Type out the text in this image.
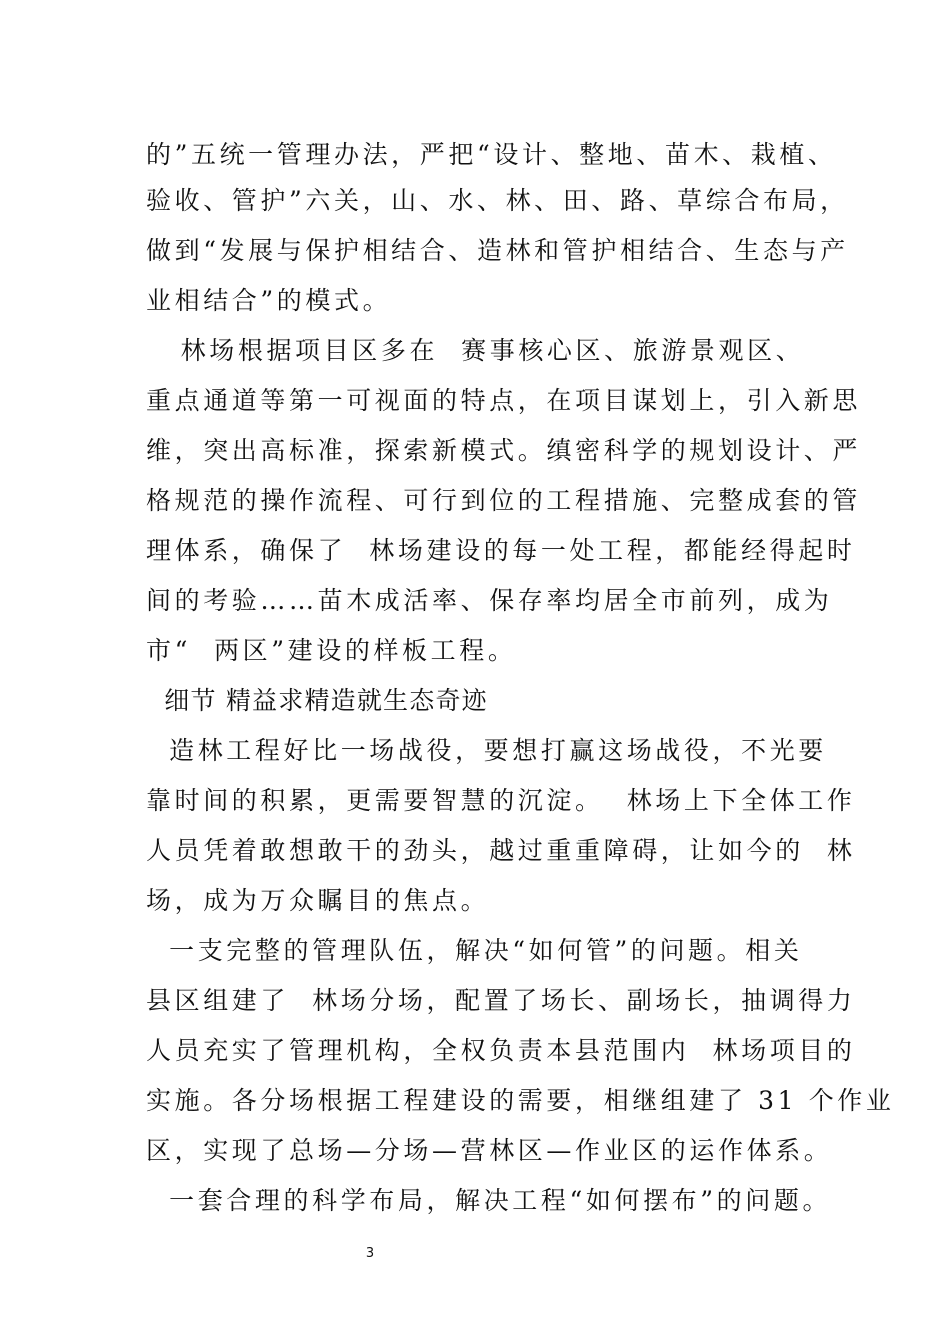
的”五统一管理办法，严把“设计、整地、苗木、栽植、
验收、管护”六关，山、水、林、田、路、草综合布局，
做到“发展与保护相结合、造林和管护相结合、生态与产
业相结合”的模式。
林场根据项目区多在  赛事核心区、旅游景观区、
重点通道等第一可视面的特点，在项目谋划上，引入新思
维，突出高标准，探索新模式。缜密科学的规划设计、严
格规范的操作流程、可行到位的工程措施、完整成套的管
理体系，确保了  林场建设的每一处工程，都能经得起时
间的考验……苗木成活率、保存率均居全市前列，成为
市“  两区”建设的样板工程。
细节 精益求精造就生态奇迹
造林工程好比一场战役，要想打赢这场战役，不光要
靠时间的积累，更需要智慧的沉淀。  林场上下全体工作
人员凭着敢想敢干的劲头，越过重重障碍，让如今的  林
场，成为万众瞩目的焦点。
一支完整的管理队伍，解决“如何管”的问题。相关
县区组建了  林场分场，配置了场长、副场长，抽调得力
人员充实了管理机构，全权负责本县范围内  林场项目的
实施。各分场根据工程建设的需要，相继组建了 31 个作业
区，实现了总场—分场—营林区—作业区的运作体系。
一套合理的科学布局，解决工程“如何摆布”的问题。
3
